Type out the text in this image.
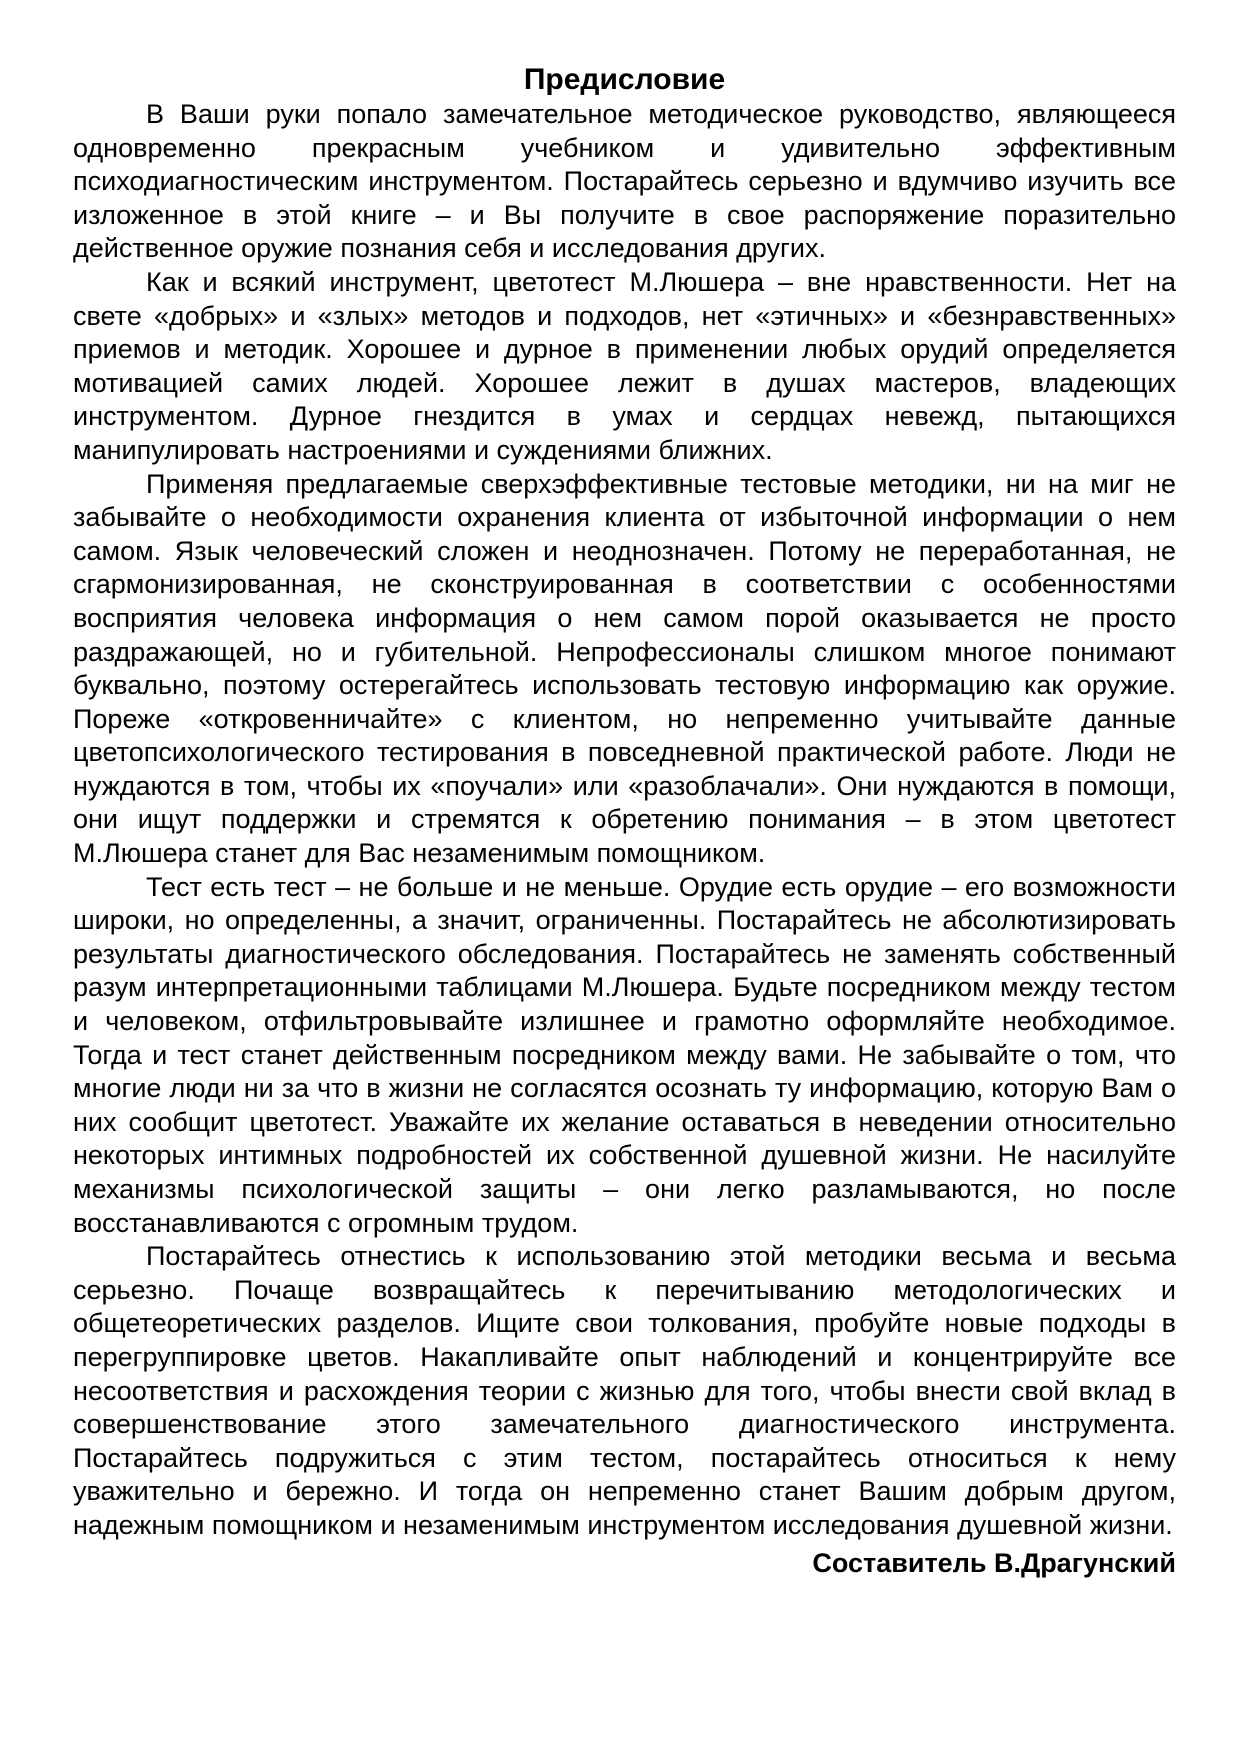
Предисловие

В Ваши руки попало замечательное методическое руководство, являющееся одновременно прекрасным учебником и удивительно эффективным психодиагностическим инструментом. Постарайтесь серьезно и вдумчиво изучить все изложенное в этой книге – и Вы получите в свое распоряжение поразительно действенное оружие познания себя и исследования других.

Как и всякий инструмент, цветотест М.Люшера – вне нравственности. Нет на свете «добрых» и «злых» методов и подходов, нет «этичных» и «безнравственных» приемов и методик. Хорошее и дурное в применении любых орудий определяется мотивацией самих людей. Хорошее лежит в душах мастеров, владеющих инструментом. Дурное гнездится в умах и сердцах невежд, пытающихся манипулировать настроениями и суждениями ближних.

Применяя предлагаемые сверхэффективные тестовые методики, ни на миг не забывайте о необходимости охранения клиента от избыточной информации о нем самом. Язык человеческий сложен и неоднозначен. Потому не переработанная, не сгармонизированная, не сконструированная в соответствии с особенностями восприятия человека информация о нем самом порой оказывается не просто раздражающей, но и губительной. Непрофессионалы слишком многое понимают буквально, поэтому остерегайтесь использовать тестовую информацию как оружие. Пореже «откровенничайте» с клиентом, но непременно учитывайте данные цветопсихологического тестирования в повседневной практической работе. Люди не нуждаются в том, чтобы их «поучали» или «разоблачали». Они нуждаются в помощи, они ищут поддержки и стремятся к обретению понимания – в этом цветотест М.Люшера станет для Вас незаменимым помощником.

Тест есть тест – не больше и не меньше. Орудие есть орудие – его возможности широки, но определенны, а значит, ограниченны. Постарайтесь не абсолютизировать результаты диагностического обследования. Постарайтесь не заменять собственный разум интерпретационными таблицами М.Люшера. Будьте посредником между тестом и человеком, отфильтровывайте излишнее и грамотно оформляйте необходимое. Тогда и тест станет действенным посредником между вами. Не забывайте о том, что многие люди ни за что в жизни не согласятся осознать ту информацию, которую Вам о них сообщит цветотест. Уважайте их желание оставаться в неведении относительно некоторых интимных подробностей их собственной душевной жизни. Не насилуйте механизмы психологической защиты – они легко разламываются, но после восстанавливаются с огромным трудом.

Постарайтесь отнестись к использованию этой методики весьма и весьма серьезно. Почаще возвращайтесь к перечитыванию методологических и общетеоретических разделов. Ищите свои толкования, пробуйте новые подходы в перегруппировке цветов. Накапливайте опыт наблюдений и концентрируйте все несоответствия и расхождения теории с жизнью для того, чтобы внести свой вклад в совершенствование этого замечательного диагностического инструмента. Постарайтесь подружиться с этим тестом, постарайтесь относиться к нему уважительно и бережно. И тогда он непременно станет Вашим добрым другом, надежным помощником и незаменимым инструментом исследования душевной жизни.

Составитель В.Драгунский
